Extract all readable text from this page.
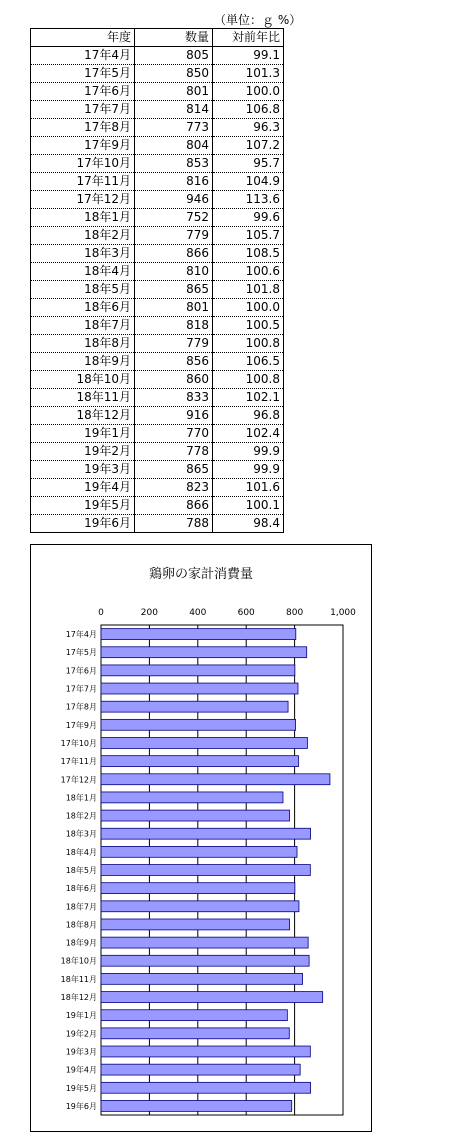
（単位：ｇ %）
年度	数量	対前年比
17年4月	805	99.1
17年5月	850	101.3
17年6月	801	100.0
17年7月	814	106.8
17年8月	773	96.3
17年9月	804	107.2
17年10月	853	95.7
17年11月	816	104.9
17年12月	946	113.6
18年1月	752	99.6
18年2月	779	105.7
18年3月	866	108.5
18年4月	810	100.6
18年5月	865	101.8
18年6月	801	100.0
18年7月	818	100.5
18年8月	779	100.8
18年9月	856	106.5
18年10月	860	100.8
18年11月	833	102.1
18年12月	916	96.8
19年1月	770	102.4
19年2月	778	99.9
19年3月	865	99.9
19年4月	823	101.6
19年5月	866	100.1
19年6月	788	98.4
鶏卵の家計消費量
0	200	400	600	800	1,000
17年4月
17年5月
17年6月
17年7月
17年8月
17年9月
17年10月
17年11月
17年12月
18年1月
18年2月
18年3月
18年4月
18年5月
18年6月
18年7月
18年8月
18年9月
18年10月
18年11月
18年12月
19年1月
19年2月
19年3月
19年4月
19年5月
19年6月
